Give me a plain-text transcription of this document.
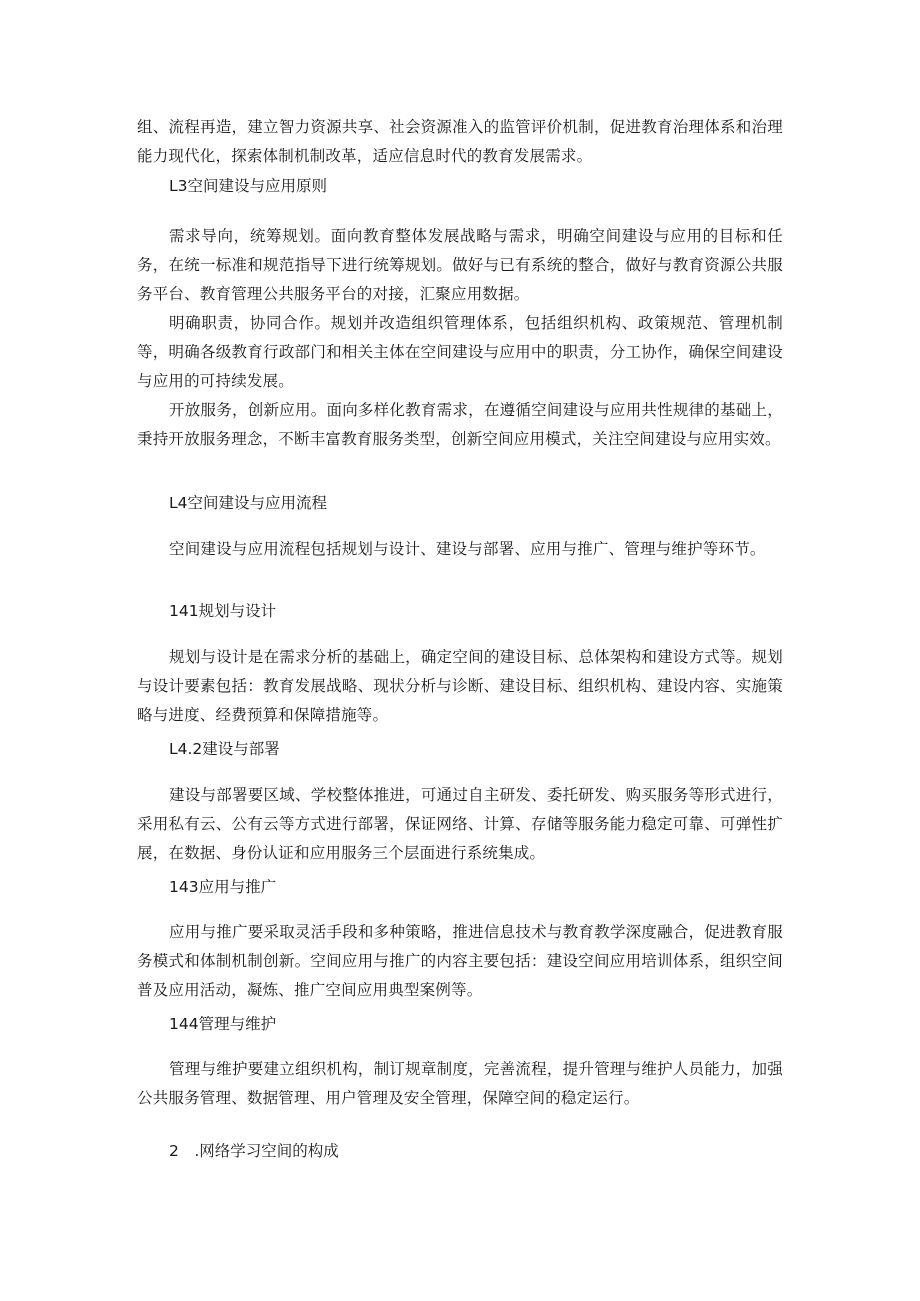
组、流程再造，建立智力资源共享、社会资源准入的监管评价机制，促进教育治理体系和治理能力现代化，探索体制机制改革，适应信息时代的教育发展需求。

L3空间建设与应用原则

需求导向，统筹规划。面向教育整体发展战略与需求，明确空间建设与应用的目标和任务，在统一标准和规范指导下进行统筹规划。做好与已有系统的整合，做好与教育资源公共服务平台、教育管理公共服务平台的对接，汇聚应用数据。

明确职责，协同合作。规划并改造组织管理体系，包括组织机构、政策规范、管理机制等，明确各级教育行政部门和相关主体在空间建设与应用中的职责，分工协作，确保空间建设与应用的可持续发展。

开放服务，创新应用。面向多样化教育需求，在遵循空间建设与应用共性规律的基础上，秉持开放服务理念，不断丰富教育服务类型，创新空间应用模式，关注空间建设与应用实效。

L4空间建设与应用流程

空间建设与应用流程包括规划与设计、建设与部署、应用与推广、管理与维护等环节。

141规划与设计

规划与设计是在需求分析的基础上，确定空间的建设目标、总体架构和建设方式等。规划与设计要素包括：教育发展战略、现状分析与诊断、建设目标、组织机构、建设内容、实施策略与进度、经费预算和保障措施等。

L4.2建设与部署

建设与部署要区域、学校整体推进，可通过自主研发、委托研发、购买服务等形式进行，采用私有云、公有云等方式进行部署，保证网络、计算、存储等服务能力稳定可靠、可弹性扩展，在数据、身份认证和应用服务三个层面进行系统集成。

143应用与推广

应用与推广要采取灵活手段和多种策略，推进信息技术与教育教学深度融合，促进教育服务模式和体制机制创新。空间应用与推广的内容主要包括：建设空间应用培训体系，组织空间普及应用活动，凝炼、推广空间应用典型案例等。

144管理与维护

管理与维护要建立组织机构，制订规章制度，完善流程，提升管理与维护人员能力，加强公共服务管理、数据管理、用户管理及安全管理，保障空间的稳定运行。

2　.网络学习空间的构成
